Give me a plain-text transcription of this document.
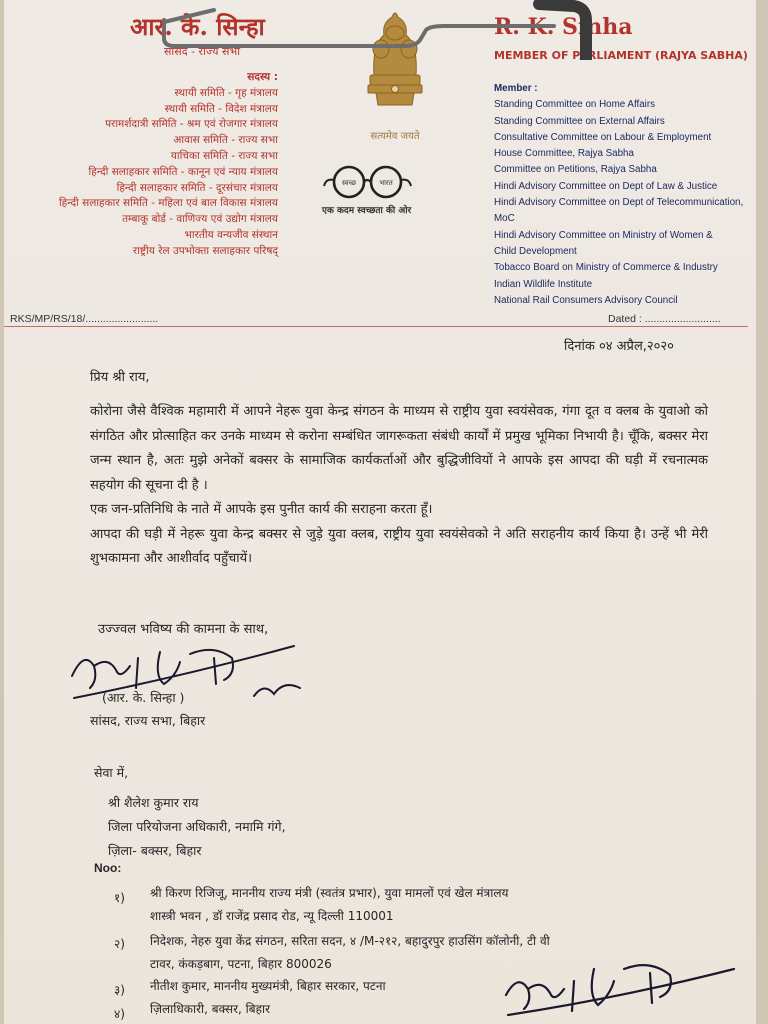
आर. के. सिन्हा
सांसद - राज्य सभा
R. K. Sinha
MEMBER OF PARLIAMENT (RAJYA SABHA)
सत्यमेव जयते
स्वच्छ	भारत
एक कदम स्वच्छता की ओर
सदस्य :
स्थायी समिति - गृह मंत्रालय
स्थायी समिति - विदेश मंत्रालय
परामर्शदात्री समिति - श्रम एवं रोजगार मंत्रालय
आवास समिति - राज्य सभा
याचिका समिति - राज्य सभा
हिन्दी सलाहकार समिति - कानून एवं न्याय मंत्रालय
हिन्दी सलाहकार समिति - दूरसंचार मंत्रालय
हिन्दी सलाहकार समिति - महिला एवं बाल विकास मंत्रालय
तम्बाकू बोर्ड - वाणिज्य एवं उद्योग मंत्रालय
भारतीय वन्यजीव संस्थान
राष्ट्रीय रेल उपभोक्ता सलाहकार परिषद्
Member :
Standing Committee on Home Affairs
Standing Committee on External Affairs
Consultative Committee on Labour & Employment
House Committee, Rajya Sabha
Committee on Petitions, Rajya Sabha
Hindi Advisory Committee on Dept of Law & Justice
Hindi Advisory Committee on Dept of Telecommunication, MoC
Hindi Advisory Committee on Ministry of Women &
Child Development
Tobacco Board on Ministry of Commerce & Industry
Indian Wildlife Institute
National Rail Consumers Advisory Council
RKS/MP/RS/18/.........................	Dated : ..........................
दिनांक ०४ अप्रैल,२०२०
प्रिय श्री राय,

कोरोना जैसे वैश्विक महामारी में आपने नेहरू युवा केन्द्र संगठन के माध्यम से राष्ट्रीय युवा स्वयंसेवक, गंगा दूत व क्लब के युवाओ को संगठित और प्रोत्साहित कर उनके माध्यम से करोना सम्बंधित जागरूकता संबंधी कार्यों में प्रमुख भूमिका निभायी है। चूँकि, बक्सर मेरा जन्म स्थान है, अतः मुझे अनेकों बक्सर के सामाजिक कार्यकर्ताओं और बुद्धिजीवियों ने आपके इस आपदा की घड़ी में रचनात्मक सहयोग की सूचना दी है ।

एक जन-प्रतिनिधि के नाते में आपके इस पुनीत कार्य की सराहना करता हूँ।

आपदा की घड़ी में नेहरू युवा केन्द्र बक्सर से जुड़े युवा क्लब, राष्ट्रीय युवा स्वयंसेवको ने अति सराहनीय कार्य किया है। उन्हें भी मेरी शुभकामना और आशीर्वाद पहुँचायें।

उज्ज्वल भविष्य की कामना के साथ,
(आर. के. सिन्हा )
सांसद, राज्य सभा, बिहार
सेवा में,
श्री शैलेश कुमार राय
जिला परियोजना अधिकारी, नमामि गंगे,
ज़िला- बक्सर, बिहार
Noo:
१) श्री किरण रिजिजू, माननीय राज्य मंत्री (स्वतंत्र प्रभार), युवा मामलों एवं खेल मंत्रालय
शास्त्री भवन , डॉ राजेंद्र प्रसाद रोड, न्यू दिल्ली 110001
२) निदेशक, नेहरु युवा केंद्र संगठन, सरिता सदन, ४ /M-२१२, बहादुरपुर हाउसिंग कॉलोनी, टी वी
टावर, कंकड़बाग, पटना, बिहार 800026
३) नीतीश कुमार, माननीय मुख्यमंत्री, बिहार सरकार, पटना
४) ज़िलाधिकारी, बक्सर, बिहार
